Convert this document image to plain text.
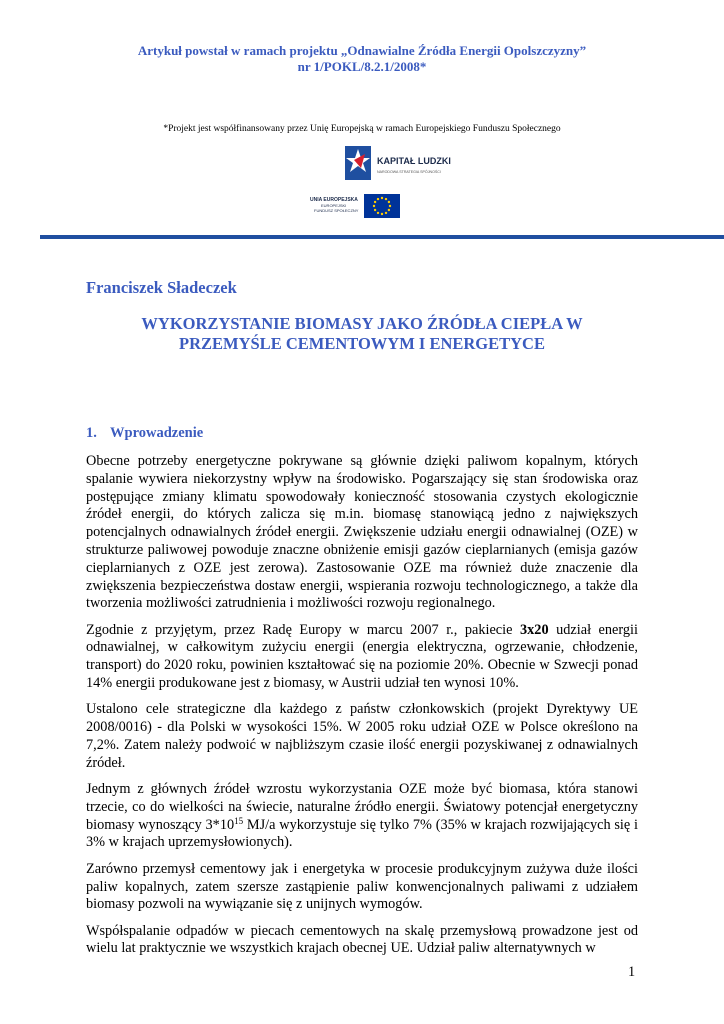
Artykuł powstał w ramach projektu „Odnawialne Źródła Energii Opolszczyzny”
nr 1/POKL/8.2.1/2008*
*Projekt jest współfinansowany przez Unię Europejską w ramach Europejskiego Funduszu Społecznego
KAPITAŁ LUDZKI
NARODOWA STRATEGIA SPÓJNOŚCI
UNIA EUROPEJSKA
EUROPEJSKI
FUNDUSZ SPOŁECZNY
Franciszek Sładeczek
WYKORZYSTANIE BIOMASY JAKO ŹRÓDŁA CIEPŁA W
PRZEMYŚLE CEMENTOWYM I ENERGETYCE
1. Wprowadzenie

Obecne potrzeby energetyczne pokrywane są głównie dzięki paliwom kopalnym, których spalanie wywiera niekorzystny wpływ na środowisko. Pogarszający się stan środowiska oraz postępujące zmiany klimatu spowodowały konieczność stosowania czystych ekologicznie źródeł energii, do których zalicza się m.in. biomasę stanowiącą jedno z największych potencjalnych odnawialnych źródeł energii. Zwiększenie udziału energii odnawialnej (OZE) w strukturze paliwowej powoduje znaczne obniżenie emisji gazów cieplarnianych (emisja gazów cieplarnianych z OZE jest zerowa). Zastosowanie OZE ma również duże znaczenie dla zwiększenia bezpieczeństwa dostaw energii, wspierania rozwoju technologicznego, a także dla tworzenia możliwości zatrudnienia i możliwości rozwoju regionalnego.

Zgodnie z przyjętym, przez Radę Europy w marcu 2007 r., pakiecie 3x20 udział energii odnawialnej, w całkowitym zużyciu energii (energia elektryczna, ogrzewanie, chłodzenie, transport) do 2020 roku, powinien kształtować się na poziomie 20%. Obecnie w Szwecji ponad 14% energii produkowane jest z biomasy, w Austrii udział ten wynosi 10%.

Ustalono cele strategiczne dla każdego z państw członkowskich (projekt Dyrektywy UE 2008/0016) - dla Polski w wysokości 15%. W 2005 roku udział OZE w Polsce określono na 7,2%. Zatem należy podwoić w najbliższym czasie ilość energii pozyskiwanej z odnawialnych źródeł.

Jednym z głównych źródeł wzrostu wykorzystania OZE może być biomasa, która stanowi trzecie, co do wielkości na świecie, naturalne źródło energii. Światowy potencjał energetyczny biomasy wynoszący $3*10^{15}$ MJ/a wykorzystuje się tylko 7% (35% w krajach rozwijających się i 3% w krajach uprzemysłowionych).

Zarówno przemysł cementowy jak i energetyka w procesie produkcyjnym zużywa duże ilości paliw kopalnych, zatem szersze zastąpienie paliw konwencjonalnych paliwami z udziałem biomasy pozwoli na wywiązanie się z unijnych wymogów.

Współspalanie odpadów w piecach cementowych na skalę przemysłową prowadzone jest od wielu lat praktycznie we wszystkich krajach obecnej UE. Udział paliw alternatywnych w

1
